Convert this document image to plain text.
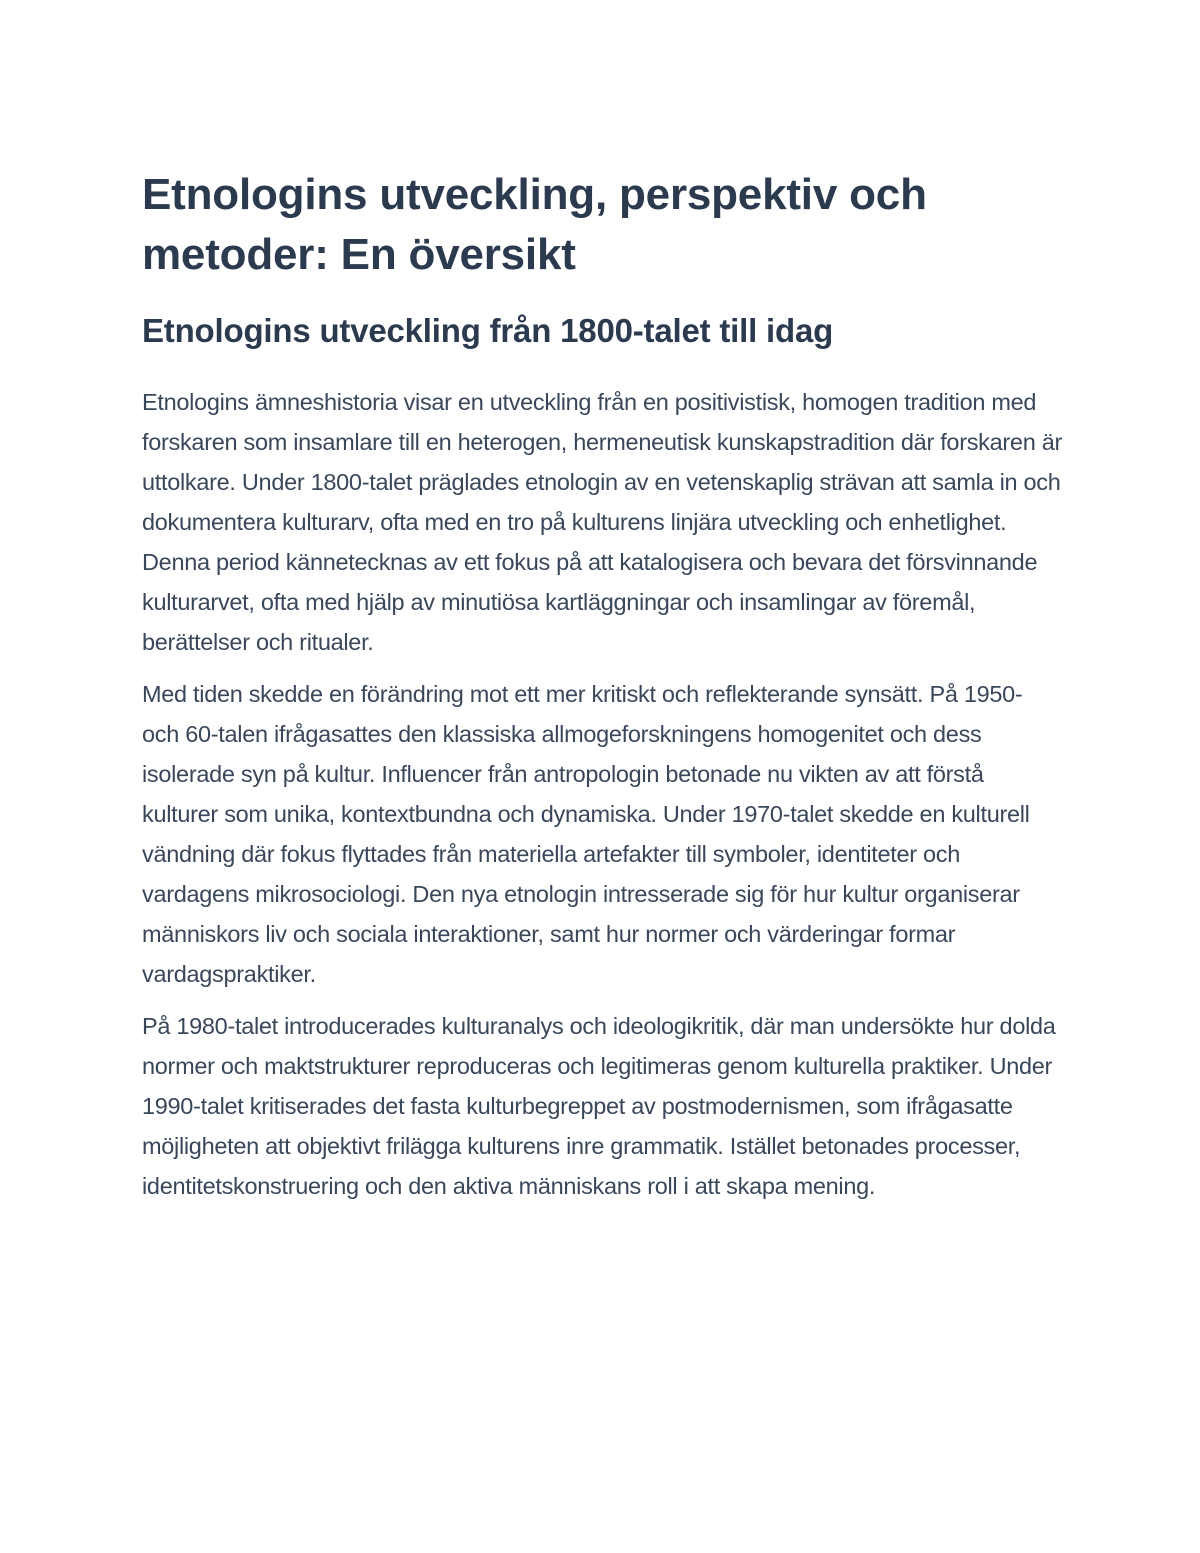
Etnologins utveckling, perspektiv och metoder: En översikt
Etnologins utveckling från 1800-talet till idag

Etnologins ämneshistoria visar en utveckling från en positivistisk, homogen tradition med forskaren som insamlare till en heterogen, hermeneutisk kunskapstradition där forskaren är uttolkare. Under 1800-talet präglades etnologin av en vetenskaplig strävan att samla in och dokumentera kulturarv, ofta med en tro på kulturens linjära utveckling och enhetlighet. Denna period kännetecknas av ett fokus på att katalogisera och bevara det försvinnande kulturarvet, ofta med hjälp av minutiösa kartläggningar och insamlingar av föremål, berättelser och ritualer.

Med tiden skedde en förändring mot ett mer kritiskt och reflekterande synsätt. På 1950- och 60-talen ifrågasattes den klassiska allmogeforskningens homogenitet och dess isolerade syn på kultur. Influencer från antropologin betonade nu vikten av att förstå kulturer som unika, kontextbundna och dynamiska. Under 1970-talet skedde en kulturell vändning där fokus flyttades från materiella artefakter till symboler, identiteter och vardagens mikrosociologi. Den nya etnologin intresserade sig för hur kultur organiserar människors liv och sociala interaktioner, samt hur normer och värderingar formar vardagspraktiker.

På 1980-talet introducerades kulturanalys och ideologikritik, där man undersökte hur dolda normer och maktstrukturer reproduceras och legitimeras genom kulturella praktiker. Under 1990-talet kritiserades det fasta kulturbegreppet av postmodernismen, som ifrågasatte möjligheten att objektivt frilägga kulturens inre grammatik. Istället betonades processer, identitetskonstruering och den aktiva människans roll i att skapa mening.
